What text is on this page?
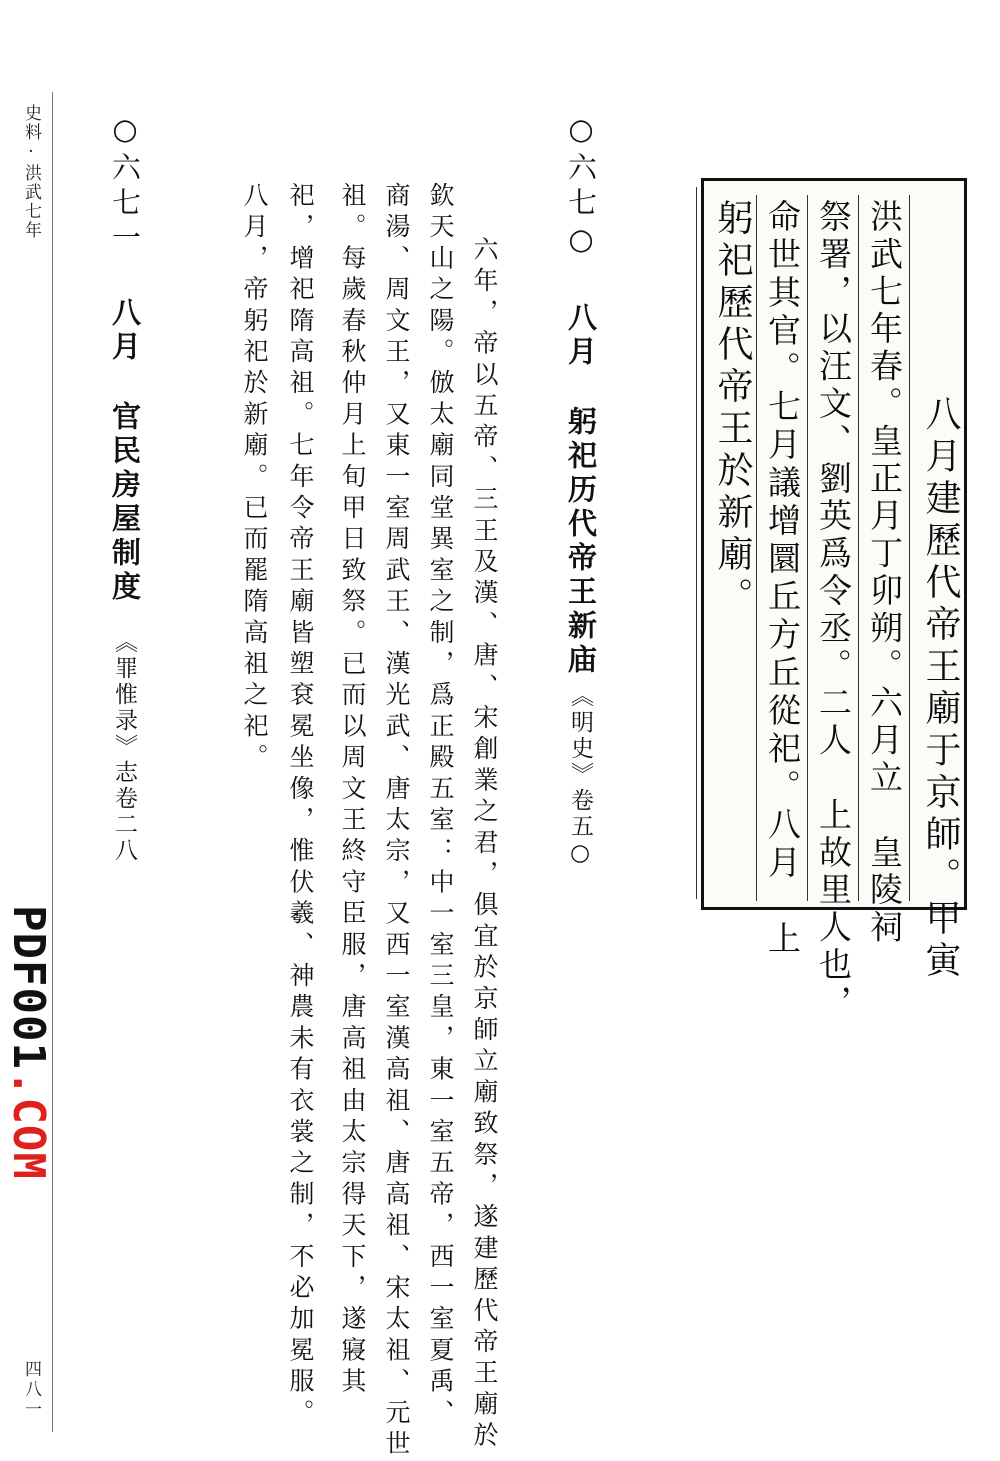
史料·洪武七年
四八一
八月建歷代帝王廟于京師。甲寅
洪武七年春。皇正月丁卯朔。六月立　皇陵祠
祭署，以汪文、劉英爲令丞。二人　上故里人也，
命世其官。七月議增圜丘方丘從祀。八月　上
躬祀歷代帝王於新廟。
○六七○八月躬祀历代帝王新庙
《明史》卷五○
六年，帝以五帝、三王及漢、唐、宋創業之君，俱宜於京師立廟致祭，遂建歷代帝王廟於
欽天山之陽。倣太廟同堂異室之制，爲正殿五室：中一室三皇，東一室五帝，西一室夏禹、
商湯、周文王，又東一室周武王、漢光武、唐太宗，又西一室漢高祖、唐高祖、宋太祖、元世
祖。每歲春秋仲月上旬甲日致祭。已而以周文王終守臣服，唐高祖由太宗得天下，遂寢其
祀，增祀隋高祖。七年令帝王廟皆塑袞冕坐像，惟伏羲、神農未有衣裳之制，不必加冕服。
八月，帝躬祀於新廟。已而罷隋高祖之祀。
○六七一八月官民房屋制度
《罪惟录》志卷二八
PDF001.COM
